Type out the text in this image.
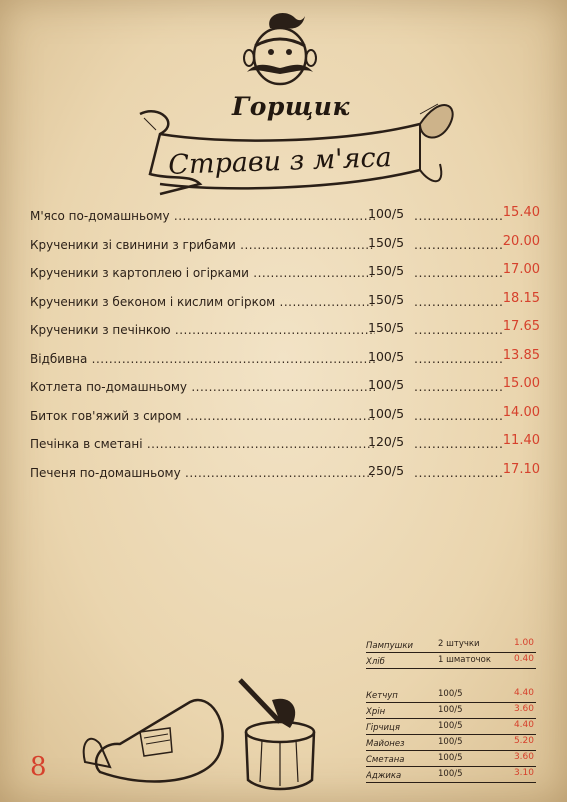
Горщик
Страви з м'яса
М'ясо по-домашньому .....	100/5 .....	15.40
Крученики зі свинини з грибами .....	150/5 .....	20.00
Крученики з картоплею і огірками .....	150/5 .....	17.00
Крученики з беконом і кислим огірком .....	150/5 .....	18.15
Крученики з печінкою .....	150/5 .....	17.65
Відбивна .....	100/5 .....	13.85
Котлета по-домашньому .....	100/5 .....	15.00
Биток гов'яжий з сиром .....	100/5 .....	14.00
Печінка в сметані .....	120/5 .....	11.40
Печеня по-домашньому .....	250/5 .....	17.10
Пампушки	2 штучки	1.00
Хліб	1 шматочок	0.40
Кетчуп	100/5	4.40
Хрін	100/5	3.60
Гірчиця	100/5	4.40
Майонез	100/5	5.20
Сметана	100/5	3.60
Аджика	100/5	3.10
8
